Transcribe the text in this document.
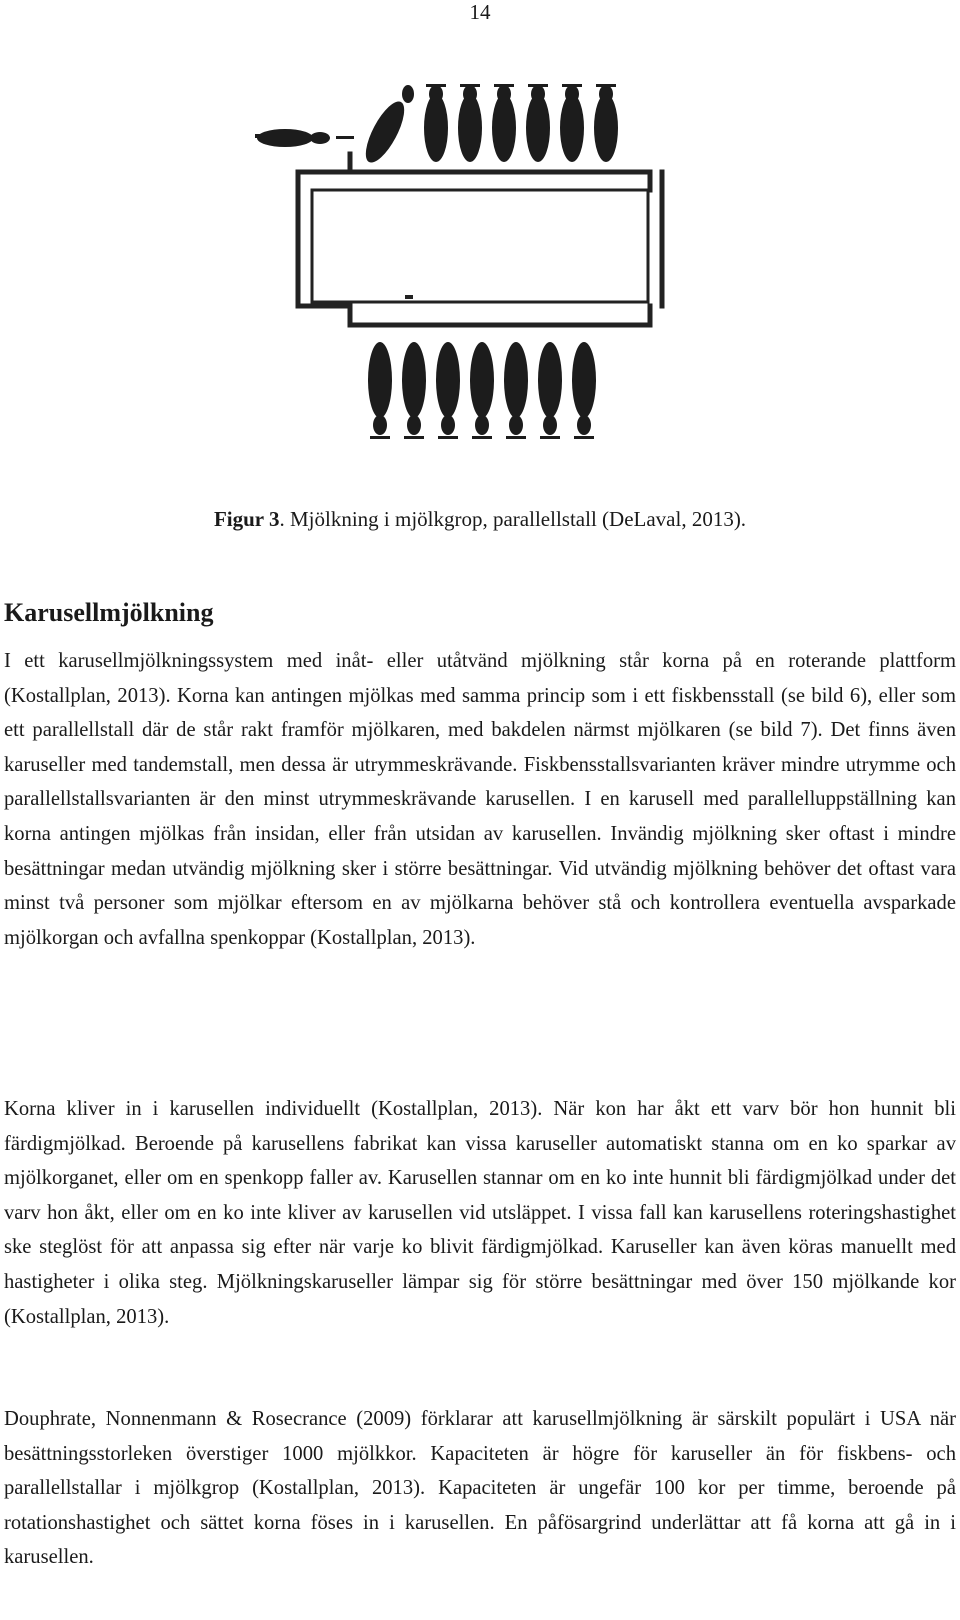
14
Figur 3. Mjölkning i mjölkgrop, parallellstall (DeLaval, 2013).
Karusellmjölkning

I ett karusellmjölkningssystem med inåt- eller utåtvänd mjölkning står korna på en roterande plattform (Kostallplan, 2013). Korna kan antingen mjölkas med samma princip som i ett fiskbensstall (se bild 6), eller som ett parallellstall där de står rakt framför mjölkaren, med bakdelen närmst mjölkaren (se bild 7). Det finns även karuseller med tandemstall, men dessa är utrymmeskrävande. Fiskbensstallsvarianten kräver mindre utrymme och parallellstallsvarianten är den minst utrymmeskrävande karusellen. I en karusell med parallelluppställning kan korna antingen mjölkas från insidan, eller från utsidan av karusellen. Invändig mjölkning sker oftast i mindre besättningar medan utvändig mjölkning sker i större besättningar. Vid utvändig mjölkning behöver det oftast vara minst två personer som mjölkar eftersom en av mjölkarna behöver stå och kontrollera eventuella avsparkade mjölkorgan och avfallna spenkoppar (Kostallplan, 2013).

Korna kliver in i karusellen individuellt (Kostallplan, 2013). När kon har åkt ett varv bör hon hunnit bli färdigmjölkad. Beroende på karusellens fabrikat kan vissa karuseller automatiskt stanna om en ko sparkar av mjölkorganet, eller om en spenkopp faller av. Karusellen stannar om en ko inte hunnit bli färdigmjölkad under det varv hon åkt, eller om en ko inte kliver av karusellen vid utsläppet. I vissa fall kan karusellens roteringshastighet ske steglöst för att anpassa sig efter när varje ko blivit färdigmjölkad. Karuseller kan även köras manuellt med hastigheter i olika steg. Mjölkningskaruseller lämpar sig för större besättningar med över 150 mjölkande kor (Kostallplan, 2013).

Douphrate, Nonnenmann & Rosecrance (2009) förklarar att karusellmjölkning är särskilt populärt i USA när besättningsstorleken överstiger 1000 mjölkkor. Kapaciteten är högre för karuseller än för fiskbens- och parallellstallar i mjölkgrop (Kostallplan, 2013). Kapaciteten är ungefär 100 kor per timme, beroende på rotationshastighet och sättet korna föses in i karusellen. En påfösargrind underlättar att få korna att gå in i karusellen.
